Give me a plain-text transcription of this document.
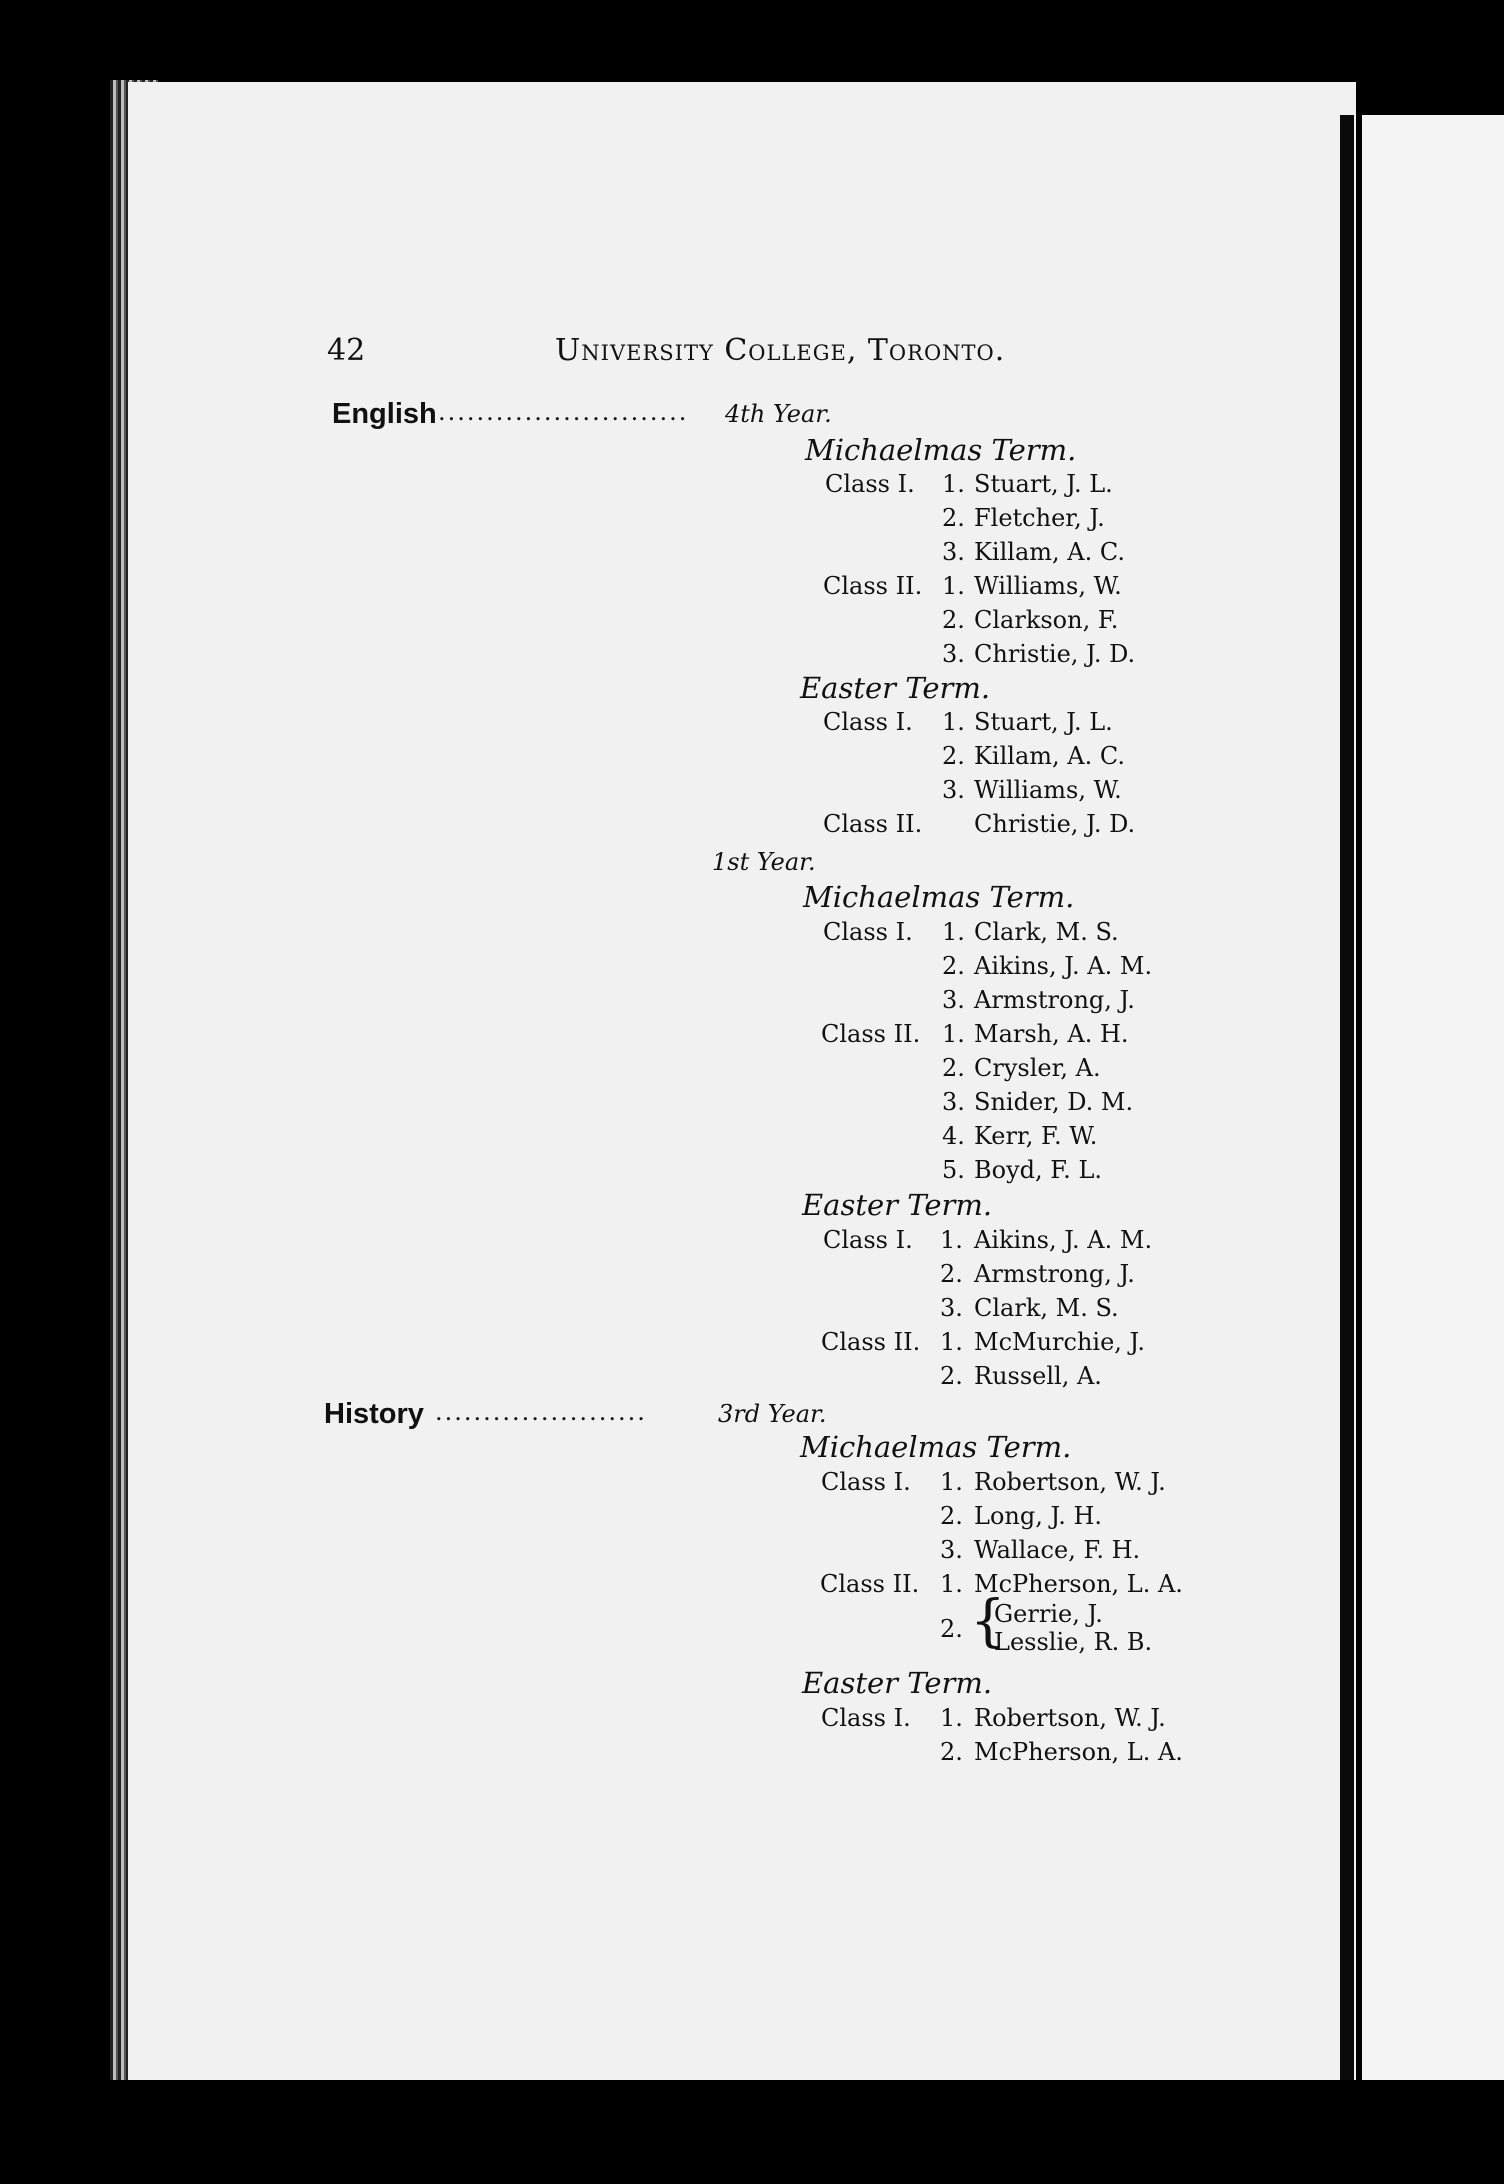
42	University College, Toronto.
English .......................... 4th Year.
Michaelmas Term.
Class I. 1. Stuart, J. L.
2. Fletcher, J.
3. Killam, A. C.
Class II. 1. Williams, W.
2. Clarkson, F.
3. Christie, J. D.
Easter Term.
Class I. 1. Stuart, J. L.
2. Killam, A. C.
3. Williams, W.
Class II. Christie, J. D.
1st Year.
Michaelmas Term.
Class I. 1. Clark, M. S.
2. Aikins, J. A. M.
3. Armstrong, J.
Class II. 1. Marsh, A. H.
2. Crysler, A.
3. Snider, D. M.
4. Kerr, F. W.
5. Boyd, F. L.
Easter Term.
Class I. 1. Aikins, J. A. M.
2. Armstrong, J.
3. Clark, M. S.
Class II. 1. McMurchie, J.
2. Russell, A.
History ......................	3rd Year.
Michaelmas Term.
Class I. 1. Robertson, W. J.
2. Long, J. H.
3. Wallace, F. H.
Class II. 1. McPherson, L. A.
2. {
Gerrie, J.
Lesslie, R. B.
Easter Term.
Class I. 1. Robertson, W. J.
2. McPherson, L. A.
